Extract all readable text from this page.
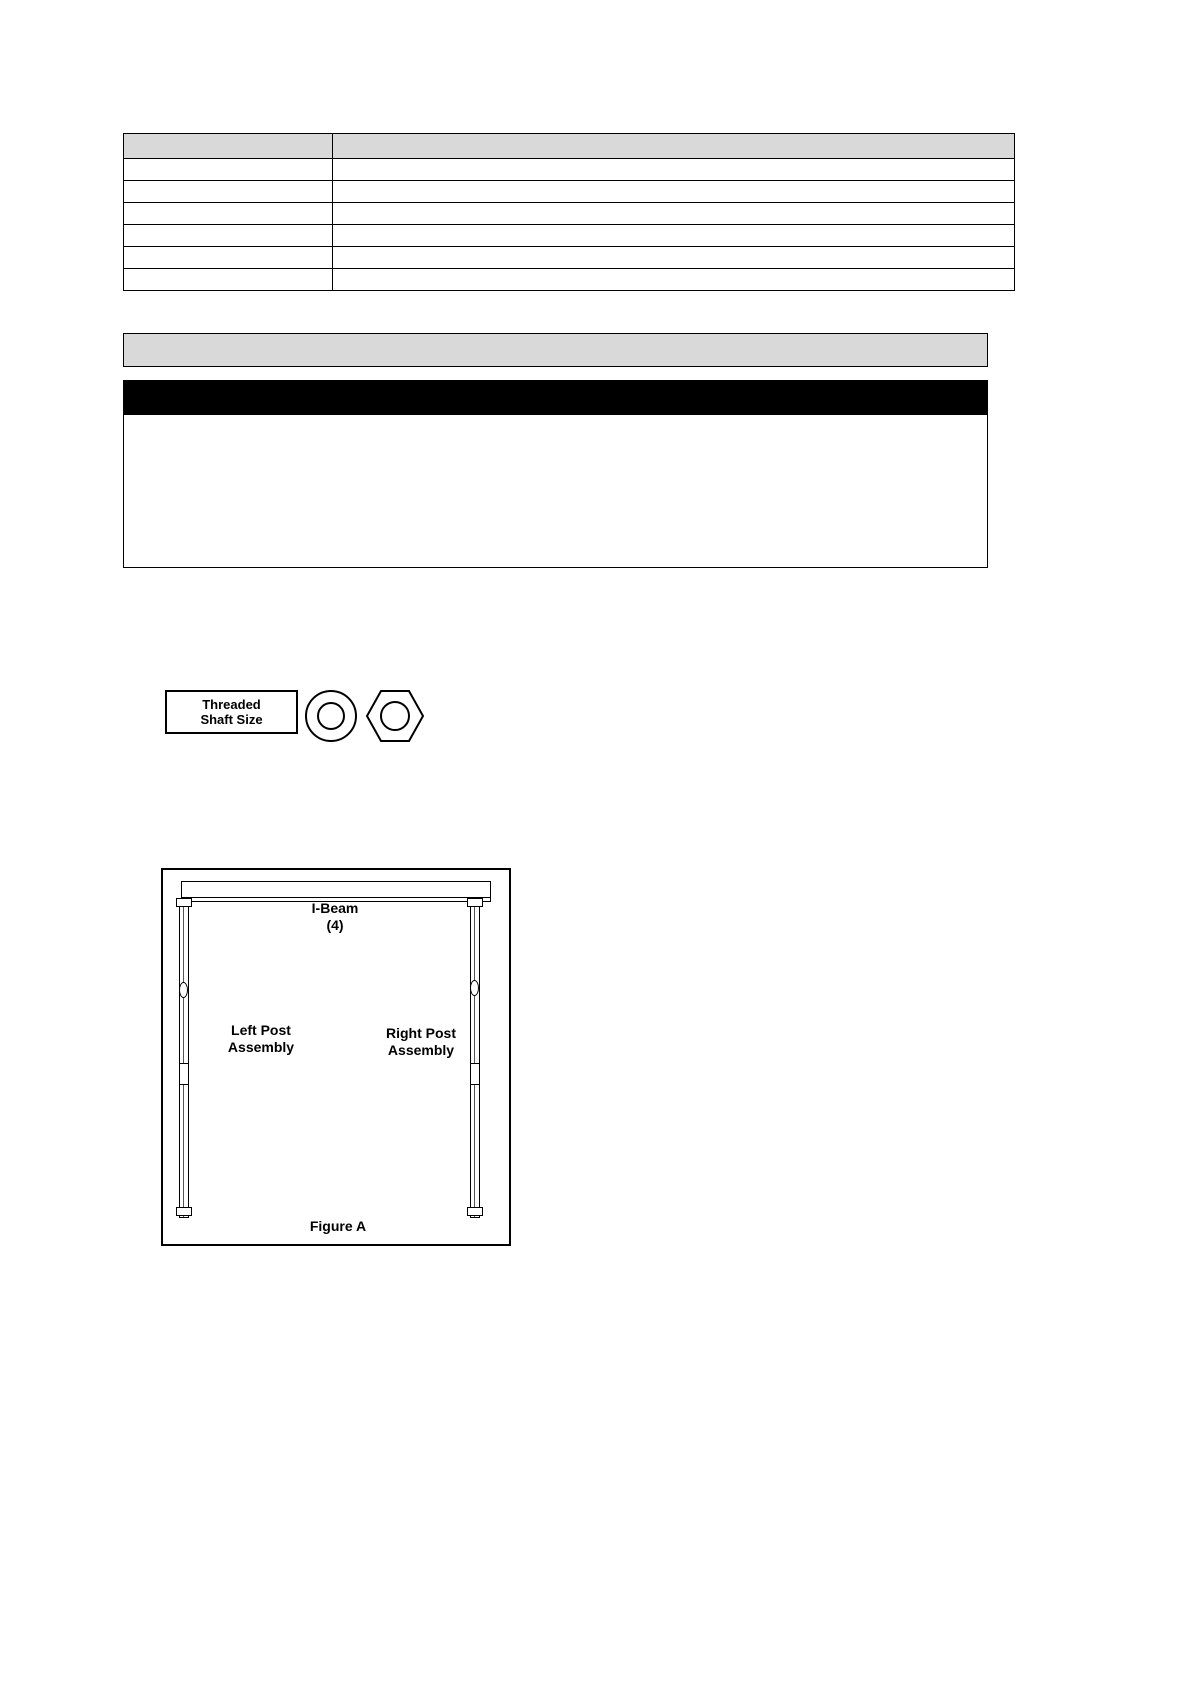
Threaded
Shaft Size
I-Beam
(4)
Left Post
Assembly
Right Post
Assembly
Figure A
